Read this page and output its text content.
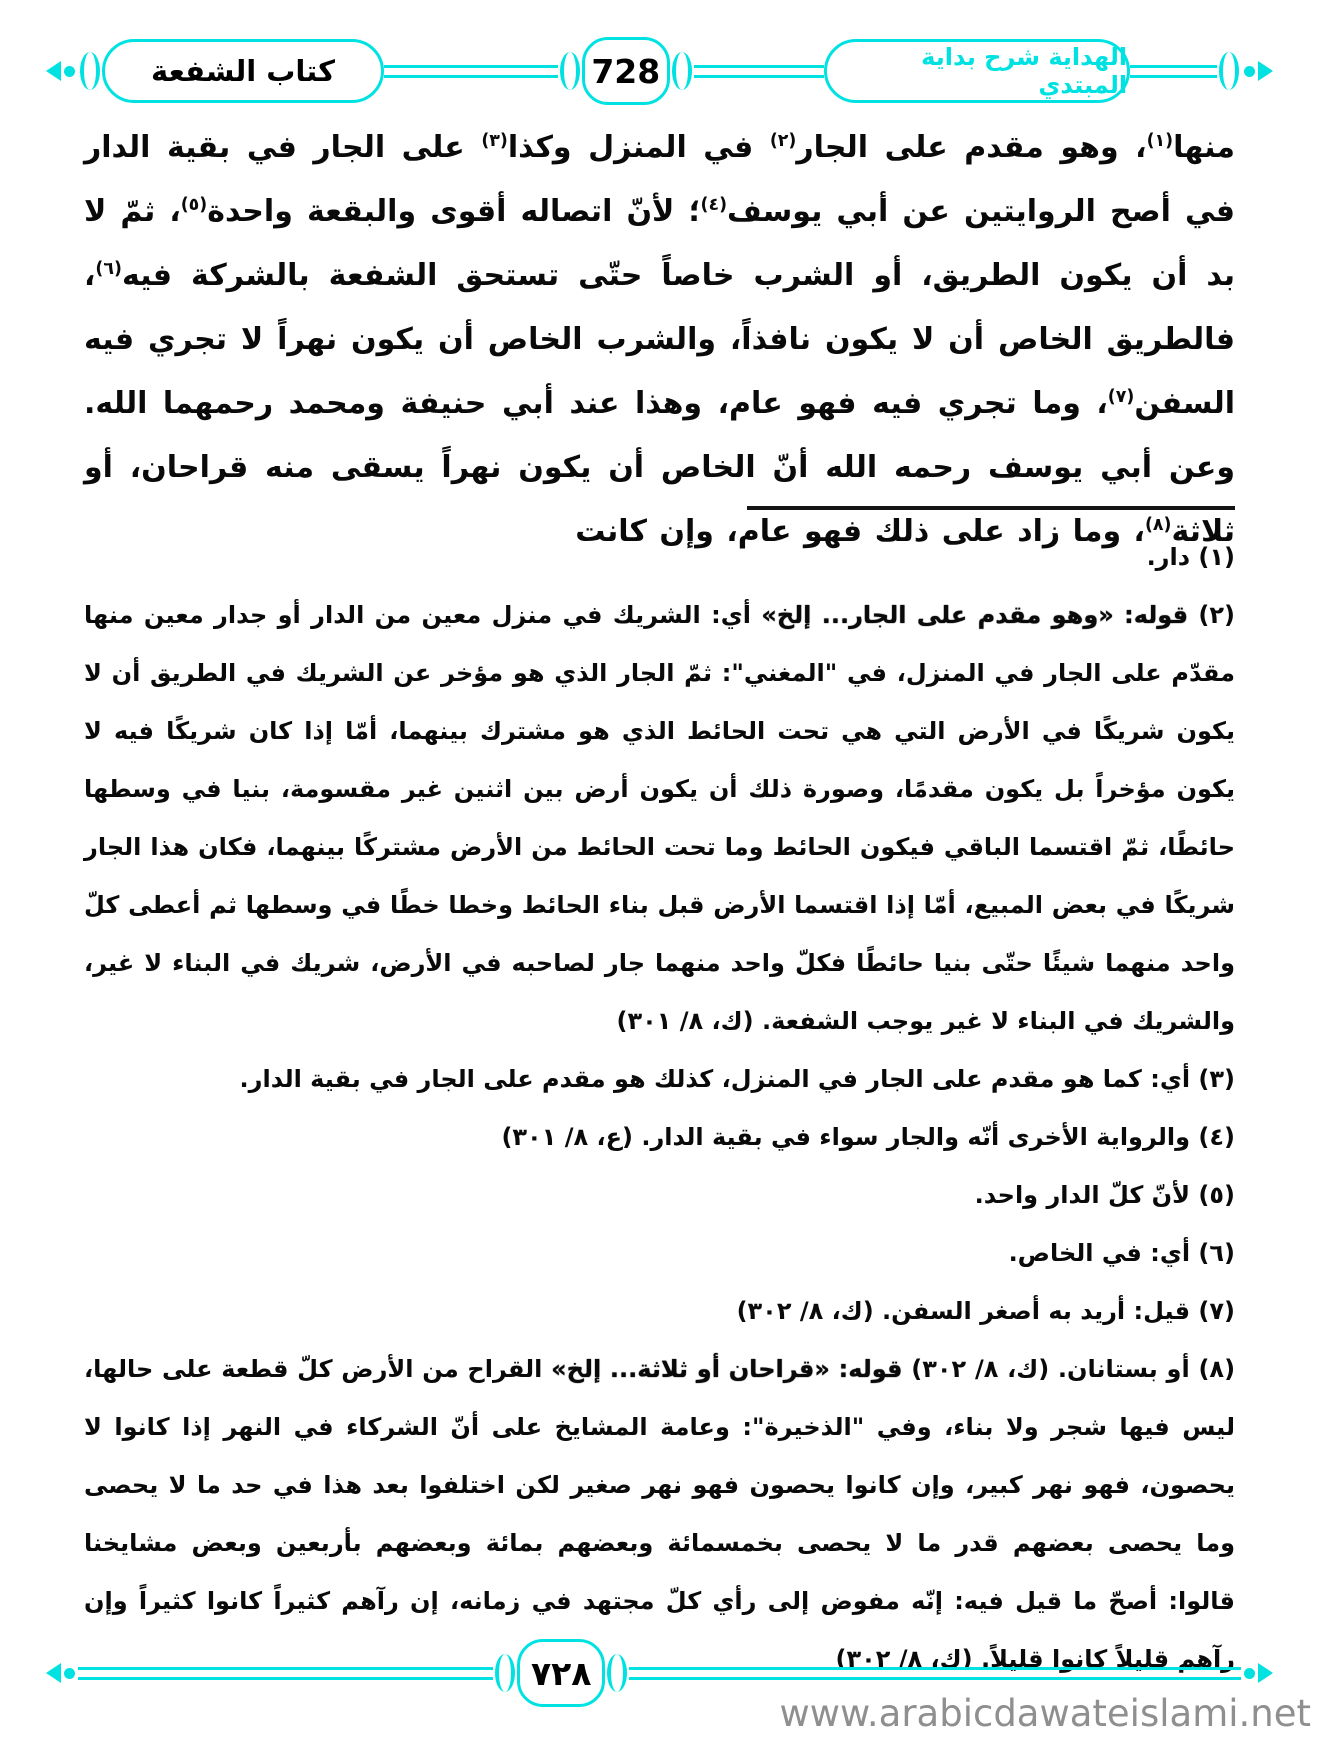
كتاب الشفعة	728	الهداية شرح بداية المبتدي
منها$^{(١)}$، وهو مقدم على الجار$^{(٢)}$ في المنزل وكذا$^{(٣)}$ على الجار في بقية الدار في أصح الروايتين عن أبي يوسف$^{(٤)}$؛ لأنّ اتصاله أقوى والبقعة واحدة$^{(٥)}$، ثمّ لا بد أن يكون الطريق، أو الشرب خاصاً حتّى تستحق الشفعة بالشركة فيه$^{(٦)}$، فالطريق الخاص أن لا يكون نافذاً، والشرب الخاص أن يكون نهراً لا تجري فيه السفن$^{(٧)}$، وما تجري فيه فهو عام، وهذا عند أبي حنيفة ومحمد رحمهما الله. وعن أبي يوسف رحمه الله أنّ الخاص أن يكون نهراً يسقى منه قراحان، أو ثلاثة$^{(٨)}$، وما زاد على ذلك فهو عام، وإن كانت

(١) دار.

(٢) قوله: «وهو مقدم على الجار... إلخ» أي: الشريك في منزل معين من الدار أو جدار معين منها مقدّم على الجار في المنزل، في "المغني": ثمّ الجار الذي هو مؤخر عن الشريك في الطريق أن لا يكون شريكًا في الأرض التي هي تحت الحائط الذي هو مشترك بينهما، أمّا إذا كان شريكًا فيه لا يكون مؤخراً بل يكون مقدمًا، وصورة ذلك أن يكون أرض بين اثنين غير مقسومة، بنيا في وسطها حائطًا، ثمّ اقتسما الباقي فيكون الحائط وما تحت الحائط من الأرض مشتركًا بينهما، فكان هذا الجار شريكًا في بعض المبيع، أمّا إذا اقتسما الأرض قبل بناء الحائط وخطا خطًا في وسطها ثم أعطى كلّ واحد منهما شيئًا حتّى بنيا حائطًا فكلّ واحد منهما جار لصاحبه في الأرض، شريك في البناء لا غير، والشريك في البناء لا غير يوجب الشفعة. (ك، ٨/ ٣٠١)

(٣) أي: كما هو مقدم على الجار في المنزل، كذلك هو مقدم على الجار في بقية الدار.

(٤) والرواية الأخرى أنّه والجار سواء في بقية الدار. (ع، ٨/ ٣٠١)

(٥) لأنّ كلّ الدار واحد.

(٦) أي: في الخاص.

(٧) قيل: أريد به أصغر السفن. (ك، ٨/ ٣٠٢)

(٨) أو بستانان. (ك، ٨/ ٣٠٢) قوله: «قراحان أو ثلاثة... إلخ» القراح من الأرض كلّ قطعة على حالها، ليس فيها شجر ولا بناء، وفي "الذخيرة": وعامة المشايخ على أنّ الشركاء في النهر إذا كانوا لا يحصون، فهو نهر كبير، وإن كانوا يحصون فهو نهر صغير لكن اختلفوا بعد هذا في حد ما لا يحصى وما يحصى بعضهم قدر ما لا يحصى بخمسمائة وبعضهم بمائة وبعضهم بأربعين وبعض مشايخنا قالوا: أصحّ ما قيل فيه: إنّه مفوض إلى رأي كلّ مجتهد في زمانه، إن رآهم كثيراً كانوا كثيراً وإن رآهم قليلاً كانوا قليلاً. (ك، ٨/ ٣٠٢)

٧٢٨
www.arabicdawateislami.net
